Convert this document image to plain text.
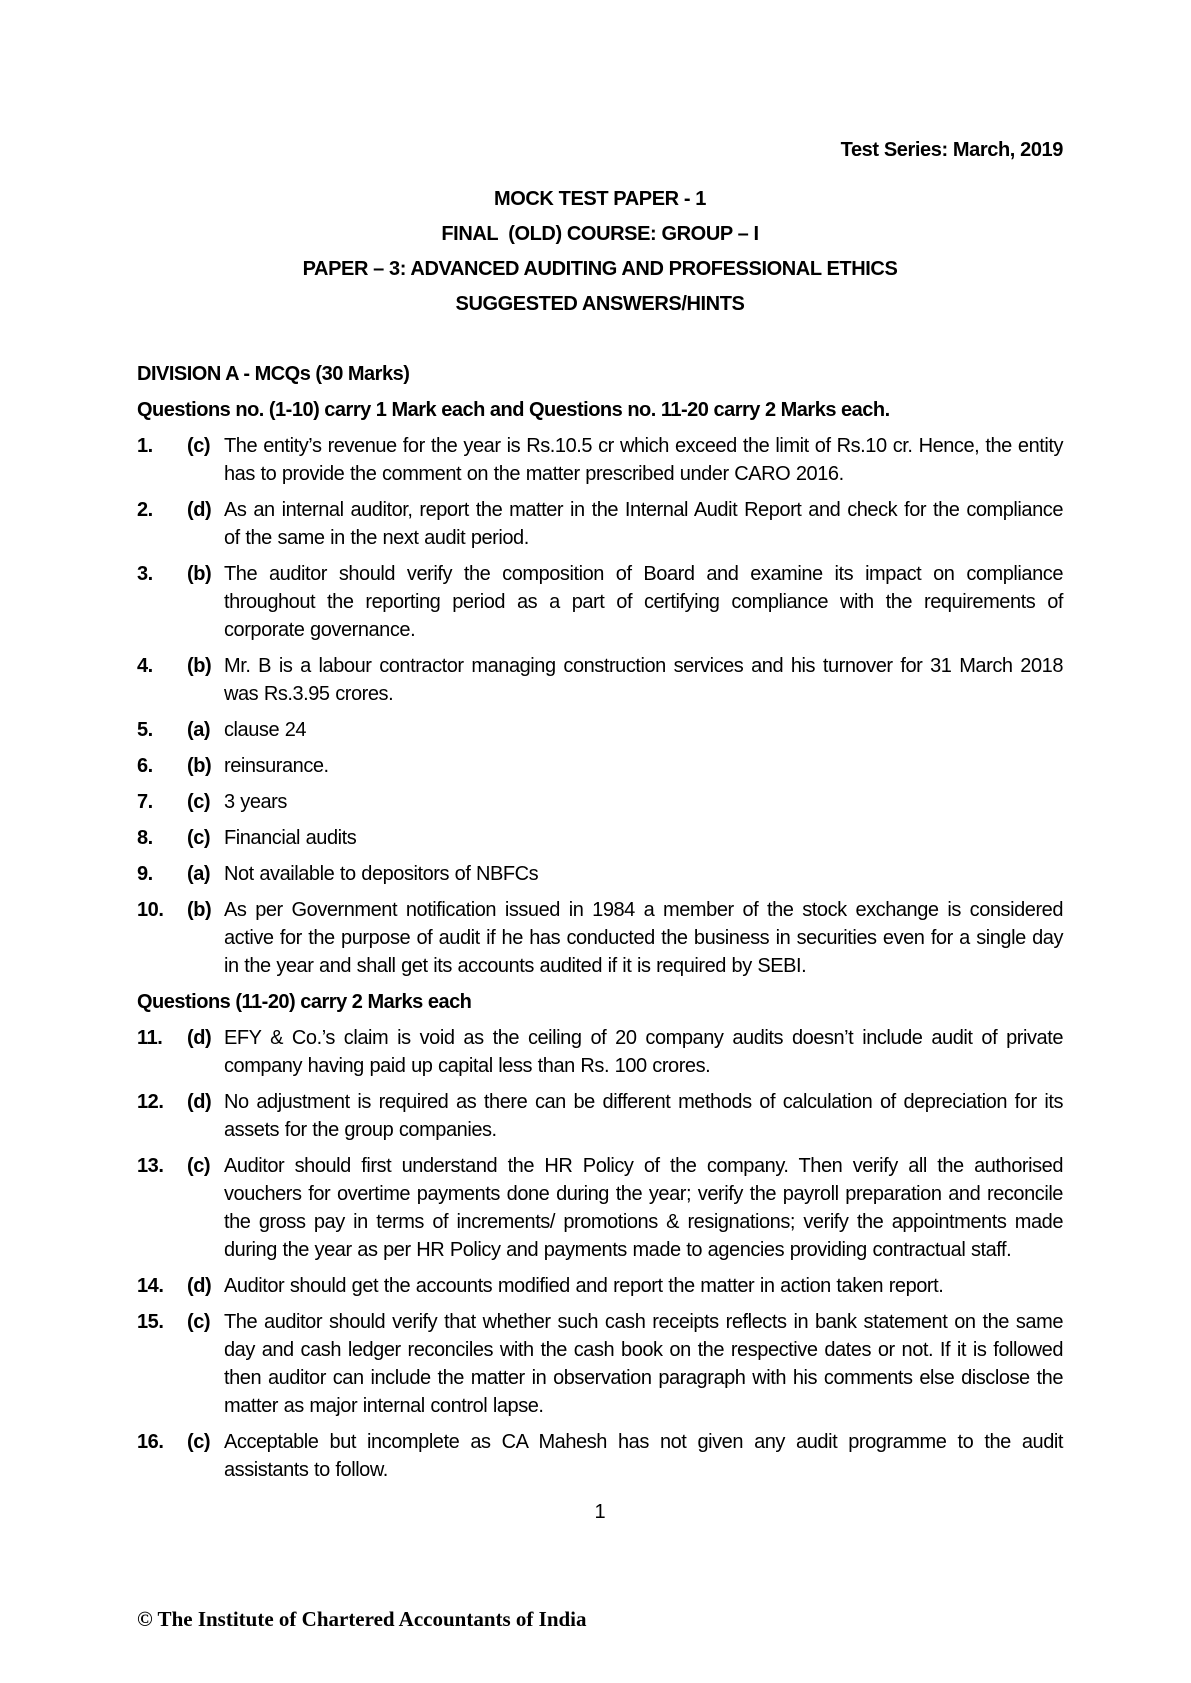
Test Series: March, 2019
MOCK TEST PAPER - 1
FINAL  (OLD) COURSE: GROUP – I
PAPER – 3: ADVANCED AUDITING AND PROFESSIONAL ETHICS
SUGGESTED ANSWERS/HINTS
DIVISION A - MCQs (30 Marks)
Questions no. (1-10) carry 1 Mark each and Questions no. 11-20 carry 2 Marks each.
1.	(c) The entity’s revenue for the year is Rs.10.5 cr which exceed the limit of Rs.10 cr. Hence, the entity has to provide the comment on the matter prescribed under CARO 2016.
2.	(d) As an internal auditor, report the matter in the Internal Audit Report and check for the compliance of the same in the next audit period.
3.	(b) The auditor should verify the composition of Board and examine its impact on compliance throughout the reporting period as a part of certifying compliance with the requirements of corporate governance.
4.	(b) Mr. B is a labour contractor managing construction services and his turnover for 31 March 2018 was Rs.3.95 crores.
5.	(a) clause 24
6.	(b) reinsurance.
7.	(c) 3 years
8.	(c) Financial audits
9.	(a) Not available to depositors of NBFCs
10.	(b) As per Government notification issued in 1984 a member of the stock exchange is considered active for the purpose of audit if he has conducted the business in securities even for a single day in the year and shall get its accounts audited if it is required by SEBI.
Questions (11-20) carry 2 Marks each
11.	(d) EFY & Co.’s claim is void as the ceiling of 20 company audits doesn’t include audit of private company having paid up capital less than Rs. 100 crores.
12.	(d) No adjustment is required as there can be different methods of calculation of depreciation for its assets for the group companies.
13.	(c) Auditor should first understand the HR Policy of the company. Then verify all the authorised vouchers for overtime payments done during the year; verify the payroll preparation and reconcile the gross pay in terms of increments/ promotions & resignations; verify the appointments made during the year as per HR Policy and payments made to agencies providing contractual staff.
14.	(d) Auditor should get the accounts modified and report the matter in action taken report.
15.	(c) The auditor should verify that whether such cash receipts reflects in bank statement on the same day and cash ledger reconciles with the cash book on the respective dates or not. If it is followed then auditor can include the matter in observation paragraph with his comments else disclose the matter as major internal control lapse.
16.	(c) Acceptable but incomplete as CA Mahesh has not given any audit programme to the audit assistants to follow.
1
© The Institute of Chartered Accountants of India
